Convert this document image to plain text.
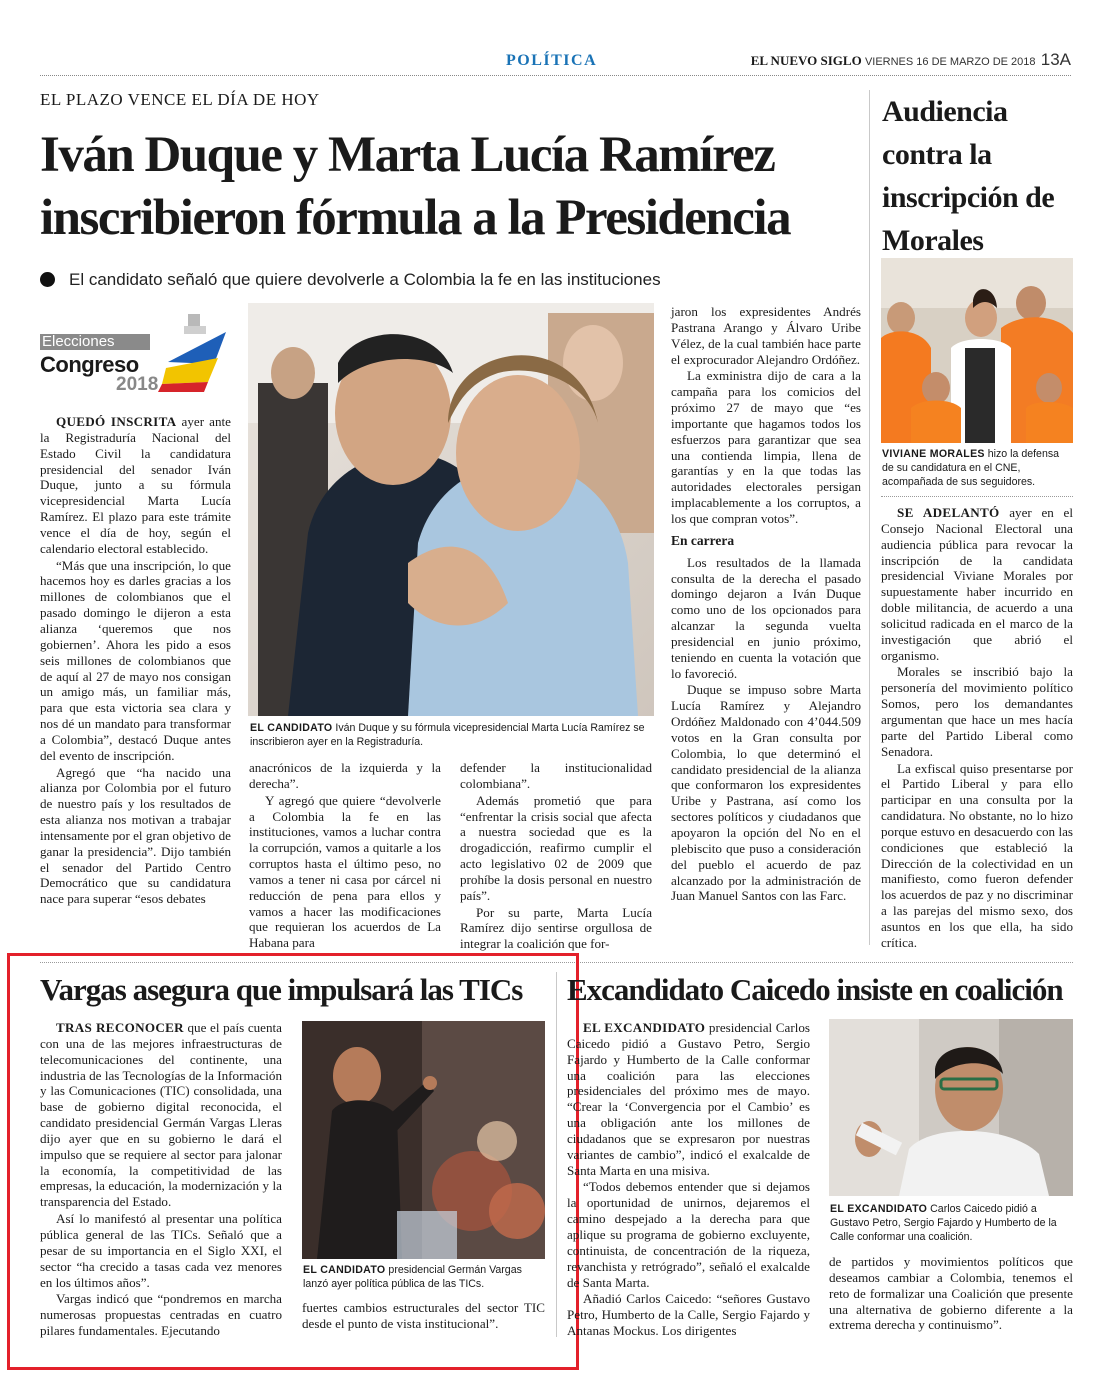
POLÍTICA	EL NUEVO SIGLO VIERNES 16 DE MARZO DE 2018 13A
EL PLAZO VENCE EL DÍA DE HOY
Iván Duque y Marta Lucía Ramírez inscribieron fórmula a la Presidencia
El candidato señaló que quiere devolverle a Colombia la fe en las instituciones
Elecciones
Congreso
2018

QUEDÓ INSCRITA ayer ante la Registraduría Nacional del Estado Civil la candidatura presidencial del senador Iván Duque, junto a su fórmula vicepresidencial Marta Lucía Ramírez. El plazo para este trámite vence el día de hoy, según el calendario electoral establecido.

“Más que una inscripción, lo que hacemos hoy es darles gracias a los millones de colombianos que el pasado domingo le dijeron a esta alianza ‘queremos que nos gobiernen’. Ahora les pido a esos seis millones de colombianos que de aquí al 27 de mayo nos consigan un amigo más, un familiar más, para que esta victoria sea clara y nos dé un mandato para transformar a Colombia”, destacó Duque antes del evento de inscripción.

Agregó que “ha nacido una alianza por Colombia por el futuro de nuestro país y los resultados de esta alianza nos motivan a trabajar intensamente por el gran objetivo de ganar la presidencia”. Dijo también el senador del Partido Centro Democrático que su candidatura nace para superar “esos debates

EL CANDIDATO Iván Duque y su fórmula vicepresidencial Marta Lucía Ramírez se inscribieron ayer en la Registraduría.

anacrónicos de la izquierda y la derecha”.

Y agregó que quiere “devolverle a Colombia la fe en las instituciones, vamos a luchar contra la corrupción, vamos a quitarle a los corruptos hasta el último peso, no vamos a tener ni casa por cárcel ni reducción de pena para ellos y vamos a hacer las modificaciones que requieran los acuerdos de La Habana para

defender la institucionalidad colombiana”.

Además prometió que para “enfrentar la crisis social que afecta a nuestra sociedad que es la drogadicción, reafirmo cumplir el acto legislativo 02 de 2009 que prohíbe la dosis personal en nuestro país”.

Por su parte, Marta Lucía Ramírez dijo sentirse orgullosa de integrar la coalición que for-

jaron los expresidentes Andrés Pastrana Arango y Álvaro Uribe Vélez, de la cual también hace parte el exprocurador Alejandro Ordóñez.

La exministra dijo de cara a la campaña para los comicios del próximo 27 de mayo que “es importante que hagamos todos los esfuerzos para garantizar que sea una contienda limpia, llena de garantías y en la que todas las autoridades electorales persigan implacablemente a los corruptos, a los que compran votos”.

En carrera

Los resultados de la llamada consulta de la derecha el pasado domingo dejaron a Iván Duque como uno de los opcionados para alcanzar la segunda vuelta presidencial en junio próximo, teniendo en cuenta la votación que lo favoreció.

Duque se impuso sobre Marta Lucía Ramírez y Alejandro Ordóñez Maldonado con 4’044.509 votos en la Gran consulta por Colombia, lo que determinó el candidato presidencial de la alianza que conformaron los expresidentes Uribe y Pastrana, así como los sectores políticos y ciudadanos que apoyaron la opción del No en el plebiscito que puso a consideración del pueblo el acuerdo de paz alcanzado por la administración de Juan Manuel Santos con las Farc.

Audiencia contra la inscripción de Morales
VIVIANE MORALES hizo la defensa de su candidatura en el CNE, acompañada de sus seguidores.

SE ADELANTÓ ayer en el Consejo Nacional Electoral una audiencia pública para revocar la inscripción de la candidata presidencial Viviane Morales por supuestamente haber incurrido en doble militancia, de acuerdo a una solicitud radicada en el marco de la investigación que abrió el organismo.

Morales se inscribió bajo la personería del movimiento político Somos, pero los demandantes argumentan que hace un mes hacía parte del Partido Liberal como Senadora.

La exfiscal quiso presentarse por el Partido Liberal y para ello participar en una consulta por la candidatura. No obstante, no lo hizo porque estuvo en desacuerdo con las condiciones que estableció la Dirección de la colectividad en un manifiesto, como fueron defender los acuerdos de paz y no discriminar a las parejas del mismo sexo, dos asuntos en los que ella, ha sido crítica.

Vargas asegura que impulsará las TICs

TRAS RECONOCER que el país cuenta con una de las mejores infraestructuras de telecomunicaciones del continente, una industria de las Tecnologías de la Información y las Comunicaciones (TIC) consolidada, una base de gobierno digital reconocida, el candidato presidencial Germán Vargas Lleras dijo ayer que en su gobierno le dará el impulso que se requiere al sector para jalonar la economía, la competitividad de las empresas, la educación, la modernización y la transparencia del Estado.

Así lo manifestó al presentar una política pública general de las TICs. Señaló que a pesar de su importancia en el Siglo XXI, el sector “ha crecido a tasas cada vez menores en los últimos años”.

Vargas indicó que “pondremos en marcha numerosas propuestas centradas en cuatro pilares fundamentales. Ejecutando

EL CANDIDATO presidencial Germán Vargas lanzó ayer política pública de las TICs.

fuertes cambios estructurales del sector TIC desde el punto de vista institucional”.

Excandidato Caicedo insiste en coalición

EL EXCANDIDATO presidencial Carlos Caicedo pidió a Gustavo Petro, Sergio Fajardo y Humberto de la Calle conformar una coalición para las elecciones presidenciales del próximo mes de mayo. “Crear la ‘Convergencia por el Cambio’ es una obligación ante los millones de ciudadanos que se expresaron por nuestras variantes de cambio”, indicó el exalcalde de Santa Marta en una misiva.

“Todos debemos entender que si dejamos la oportunidad de unirnos, dejaremos el camino despejado a la derecha para que aplique su programa de gobierno excluyente, continuista, de concentración de la riqueza, revanchista y retrógrado”, señaló el exalcalde de Santa Marta.

Añadió Carlos Caicedo: “señores Gustavo Petro, Humberto de la Calle, Sergio Fajardo y Antanas Mockus. Los dirigentes

EL EXCANDIDATO Carlos Caicedo pidió a Gustavo Petro, Sergio Fajardo y Humberto de la Calle conformar una coalición.

de partidos y movimientos políticos que deseamos cambiar a Colombia, tenemos el reto de formalizar una Coalición que presente una alternativa de gobierno diferente a la extrema derecha y continuismo”.
